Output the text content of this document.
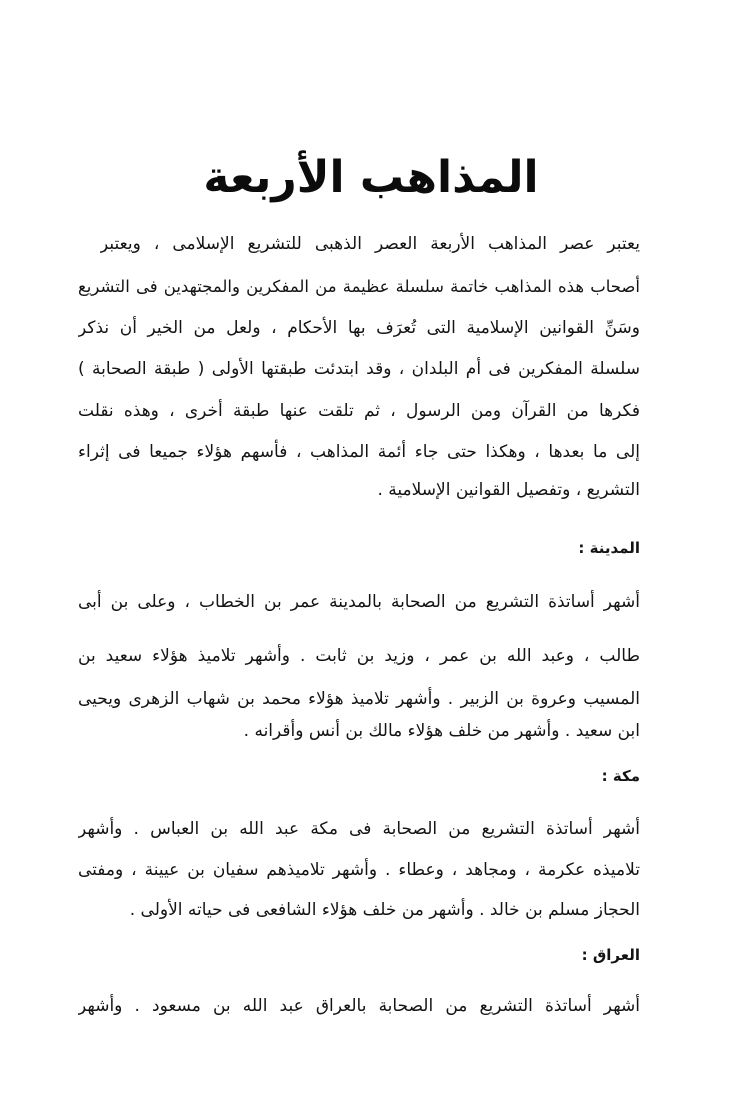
المذاهب الأربعة
يعتبر عصر المذاهب الأربعة العصر الذهبى للتشريع الإسلامى ، ويعتبر
أصحاب هذه المذاهب خاتمة سلسلة عظيمة من المفكرين والمجتهدين فى التشريع
وسَنِّ القوانين الإسلامية التى تُعرَف بها الأحكام ، ولعل من الخير أن نذكر
سلسلة المفكرين فى أم البلدان ، وقد ابتدئت طبقتها الأولى ( طبقة الصحابة )
فكرها من القرآن ومن الرسول ، ثم تلقت عنها طبقة أخرى ، وهذه نقلت
إلى ما بعدها ، وهكذا حتى جاء أئمة المذاهب ، فأسهم هؤلاء جميعا فى إثراء
التشريع ، وتفصيل القوانين الإسلامية .
المدينة :
أشهر أساتذة التشريع من الصحابة بالمدينة عمر بن الخطاب ، وعلى بن أبى
طالب ، وعبد الله بن عمر ، وزيد بن ثابت . وأشهر تلاميذ هؤلاء سعيد بن
المسيب وعروة بن الزبير . وأشهر تلاميذ هؤلاء محمد بن شهاب الزهرى ويحيى
ابن سعيد . وأشهر من خلف هؤلاء مالك بن أنس وأقرانه .
مكة :
أشهر أساتذة التشريع من الصحابة فى مكة عبد الله بن العباس . وأشهر
تلاميذه عكرمة ، ومجاهد ، وعطاء . وأشهر تلاميذهم سفيان بن عيينة ، ومفتى
الحجاز مسلم بن خالد . وأشهر من خلف هؤلاء الشافعى فى حياته الأولى .
العراق :
أشهر أساتذة التشريع من الصحابة بالعراق عبد الله بن مسعود . وأشهر
